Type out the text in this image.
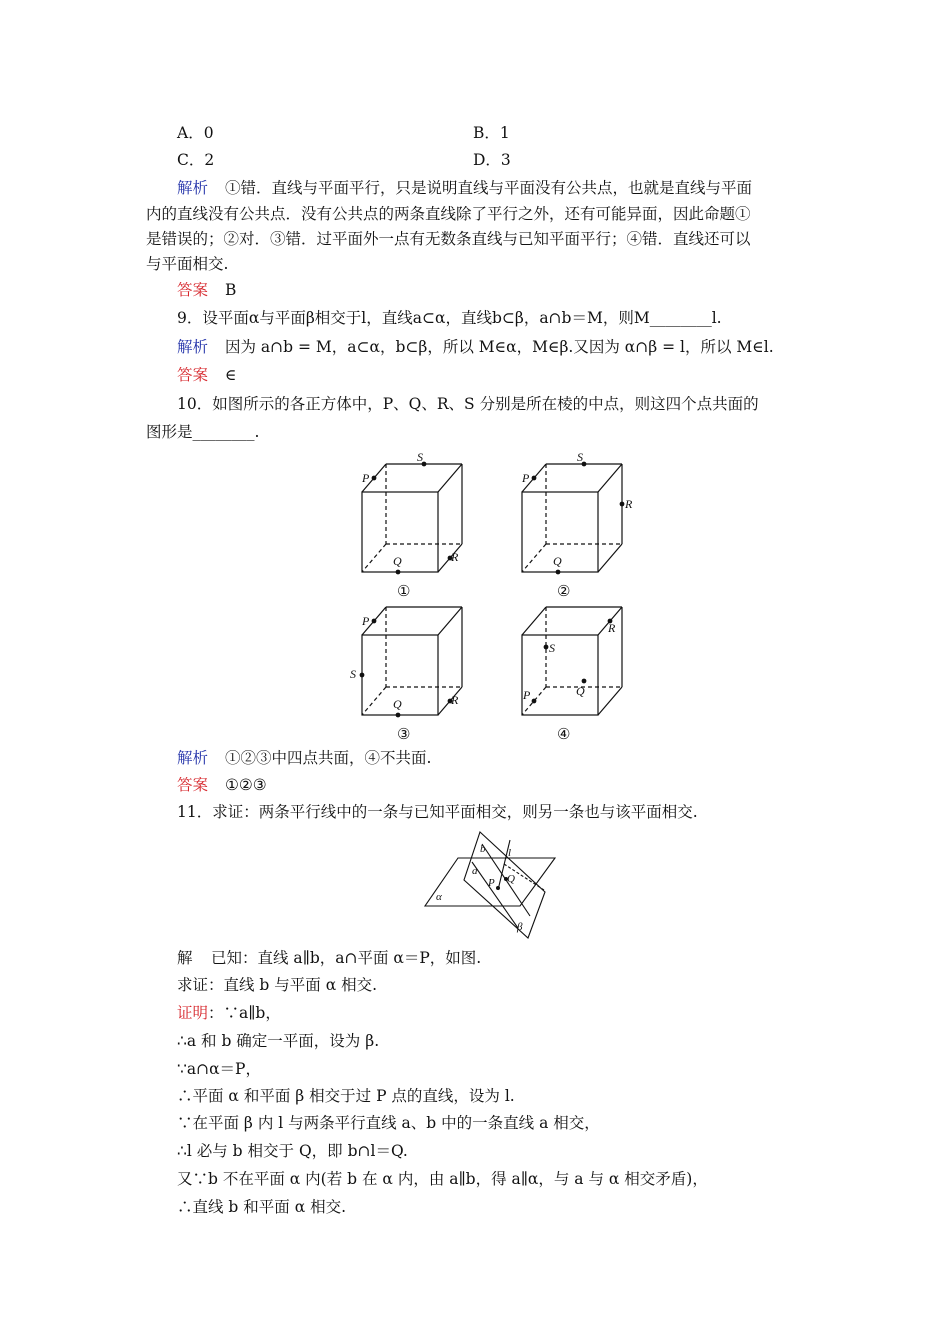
A．0	B．1
C．2	D．3
解析 ①错．直线与平面平行，只是说明直线与平面没有公共点，也就是直线与平面
内的直线没有公共点．没有公共点的两条直线除了平行之外，还有可能异面，因此命题①
是错误的；②对．③错．过平面外一点有无数条直线与已知平面平行；④错．直线还可以
与平面相交.
答案 B
9．设平面α与平面β相交于l，直线a⊂α，直线b⊂β，a∩b＝M，则M________l.
解析 因为 a∩b = M，a⊂α，b⊂β，所以 M∈α，M∈β.又因为 α∩β = l，所以 M∈l.
答案 ∈
10．如图所示的各正方体中，P、Q、R、S 分别是所在棱的中点，则这四个点共面的
图形是________.
P
S
Q	R
P
S
Q
R
P
S
Q	R	P
S
Q
R
①	②
③	④
解析 ①②③中四点共面，④不共面.
答案 ①②③
11．求证：两条平行线中的一条与已知平面相交，则另一条也与该平面相交.
b l
a
P Q
α
β
解 已知：直线 a∥b，a∩平面 α＝P，如图.
求证：直线 b 与平面 α 相交.
证明：∵a∥b，
∴a 和 b 确定一平面，设为 β.
∵a∩α＝P，
∴平面 α 和平面 β 相交于过 P 点的直线，设为 l.
∵在平面 β 内 l 与两条平行直线 a、b 中的一条直线 a 相交，
∴l 必与 b 相交于 Q，即 b∩l＝Q.
又∵b 不在平面 α 内(若 b 在 α 内，由 a∥b，得 a∥α，与 a 与 α 相交矛盾)，
∴直线 b 和平面 α 相交.
